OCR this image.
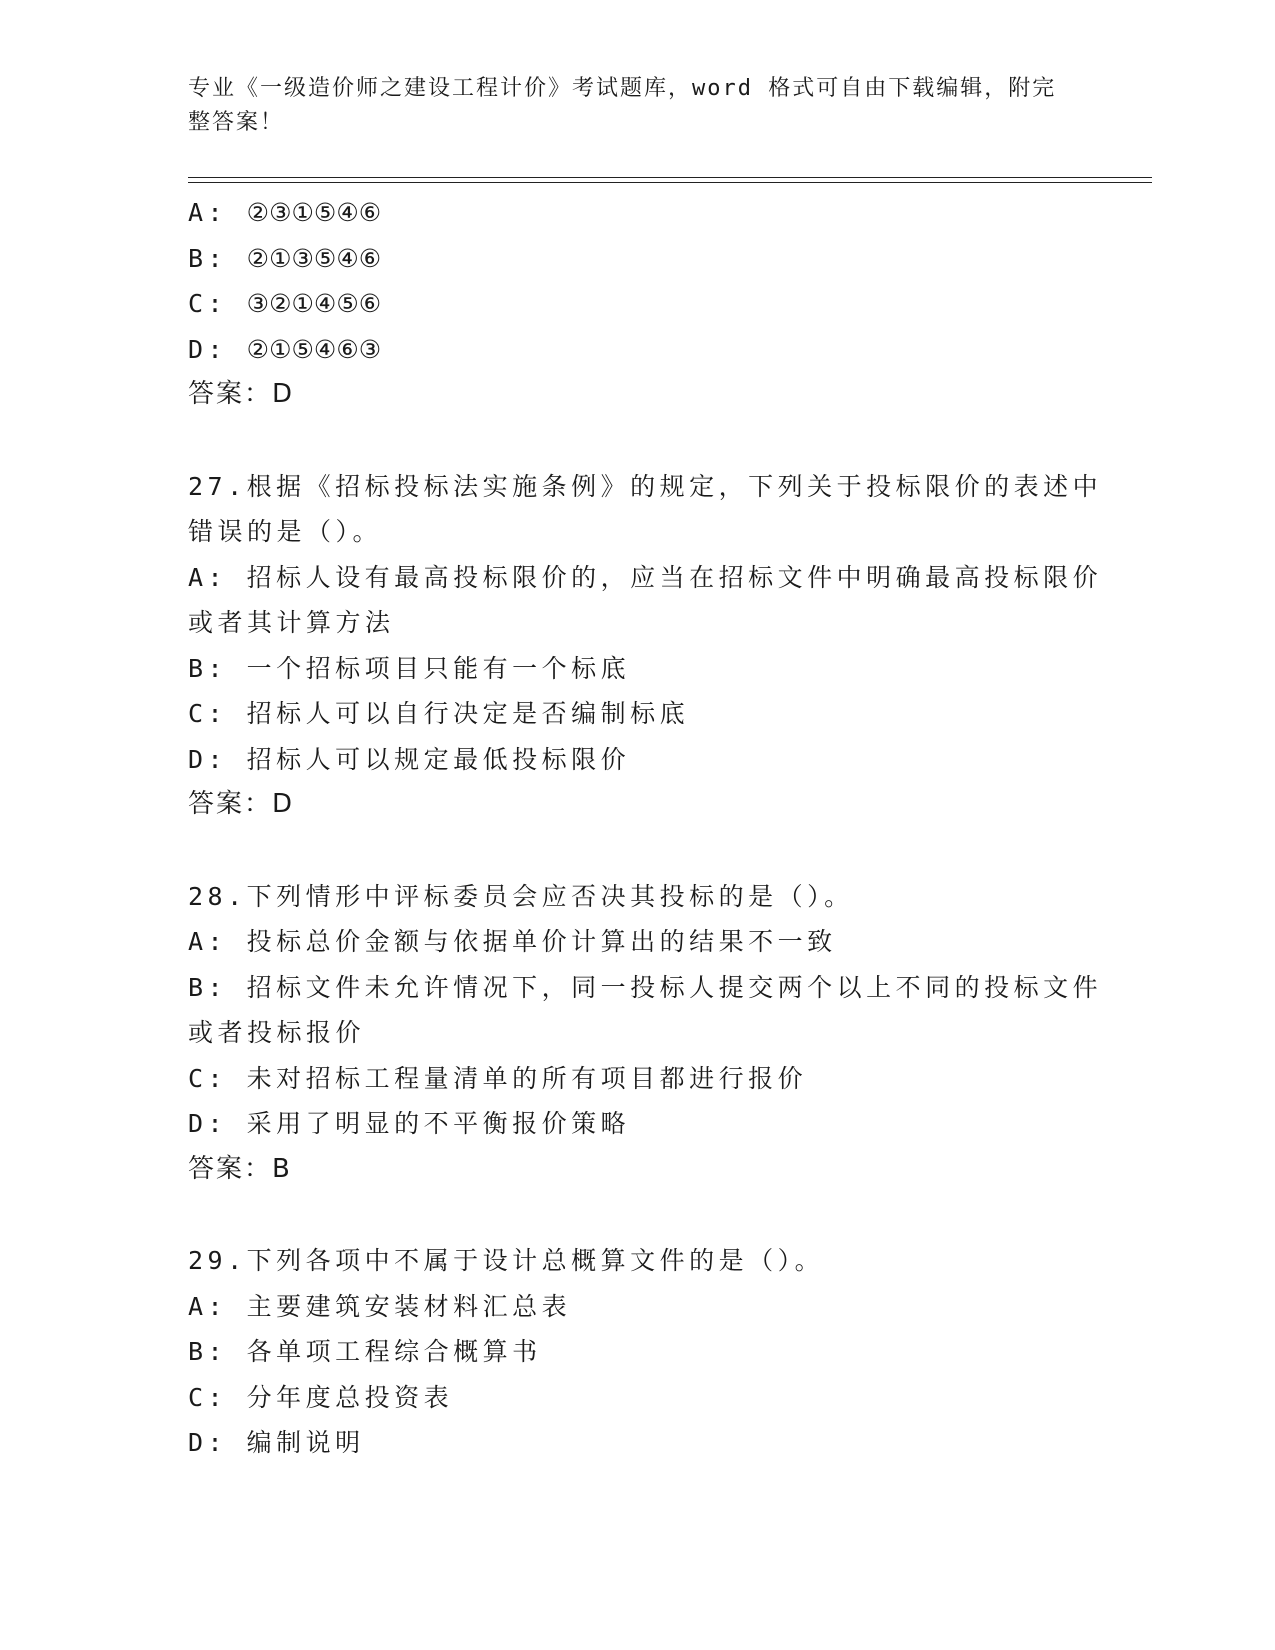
专业《一级造价师之建设工程计价》考试题库，word 格式可自由下载编辑，附完
整答案！
A: ②③①⑤④⑥
B: ②①③⑤④⑥
C: ③②①④⑤⑥
D: ②①⑤④⑥③
答案：D
27.根据《招标投标法实施条例》的规定，下列关于投标限价的表述中
错误的是（）。
A: 招标人设有最高投标限价的，应当在招标文件中明确最高投标限价
或者其计算方法
B: 一个招标项目只能有一个标底
C: 招标人可以自行决定是否编制标底
D: 招标人可以规定最低投标限价
答案：D
28.下列情形中评标委员会应否决其投标的是（）。
A: 投标总价金额与依据单价计算出的结果不一致
B: 招标文件未允许情况下，同一投标人提交两个以上不同的投标文件
或者投标报价
C: 未对招标工程量清单的所有项目都进行报价
D: 采用了明显的不平衡报价策略
答案：B
29.下列各项中不属于设计总概算文件的是（）。
A: 主要建筑安装材料汇总表
B: 各单项工程综合概算书
C: 分年度总投资表
D: 编制说明
